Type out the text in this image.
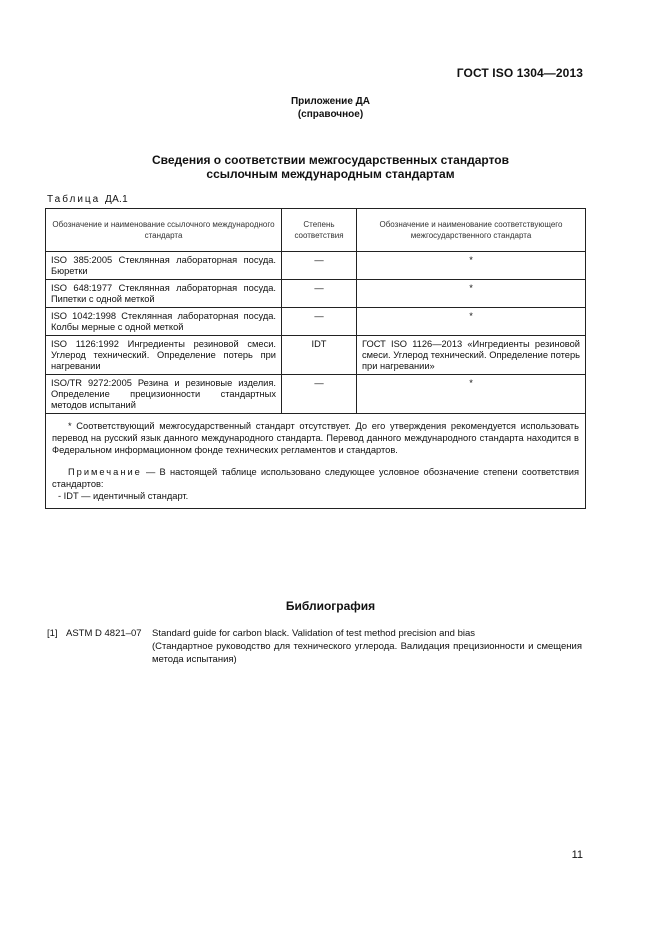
ГОСТ ISO 1304—2013
Приложение ДА
(справочное)
Сведения о соответствии межгосударственных стандартов
ссылочным международным стандартам
Таблица ДА.1
Обозначение и наименование ссылочного международного стандарта	Степень соответствия	Обозначение и наименование соответствующего межгосударственного стандарта
ISO 385:2005 Стеклянная лабораторная посуда. Бюретки	—	*
ISO 648:1977 Стеклянная лабораторная посуда. Пипетки с одной меткой	—	*
ISO 1042:1998 Стеклянная лабораторная посуда. Колбы мерные с одной меткой	—	*
ISO 1126:1992 Ингредиенты резиновой смеси. Углерод технический. Определение потерь при нагревании	IDT	ГОСТ ISO 1126—2013 «Ингредиенты резиновой смеси. Углерод технический. Определение потерь при нагревании»
ISO/TR 9272:2005 Резина и резиновые изделия. Определение прецизионности стандартных методов испытаний	—	*

* Соответствующий межгосударственный стандарт отсутствует. До его утверждения рекомендуется использовать перевод на русский язык данного международного стандарта. Перевод данного международного стандарта находится в Федеральном информационном фонде технических регламентов и стандартов.

Примечание — В настоящей таблице использовано следующее условное обозначение степени соответствия стандартов:

- IDT — идентичный стандарт.		

Библиография
[1] ASTM D 4821–07 Standard guide for carbon black. Validation of test method precision and bias
(Стандартное руководство для технического углерода. Валидация прецизионности и смещения метода испытания)
11
